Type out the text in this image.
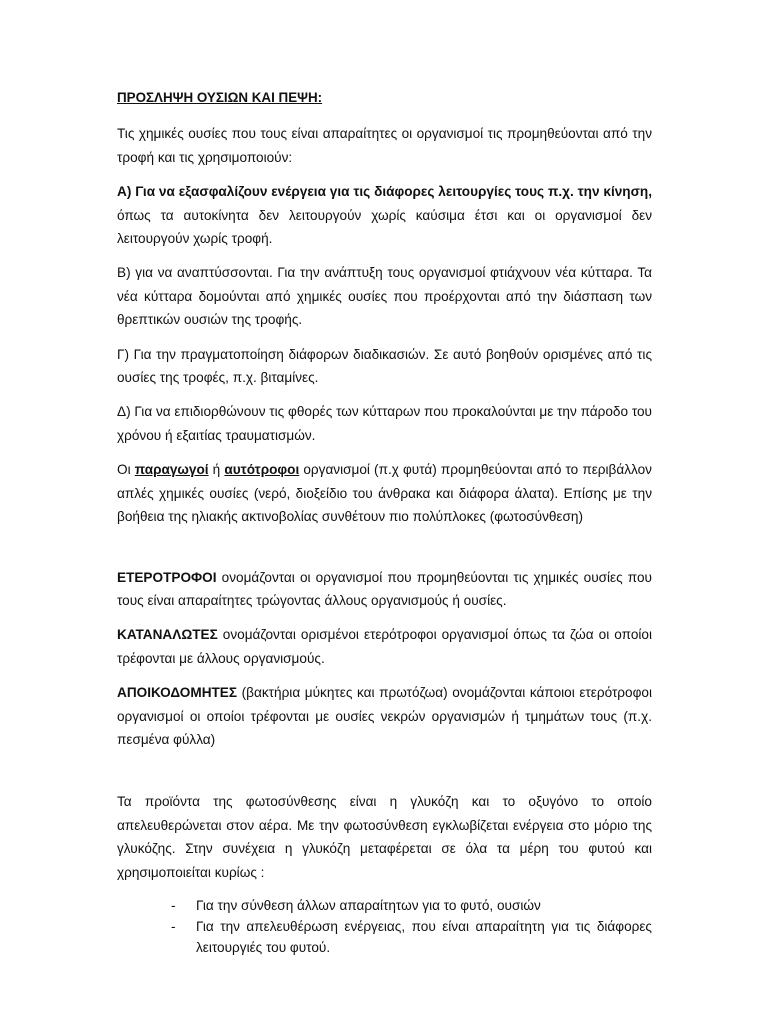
ΠΡΟΣΛΗΨΗ ΟΥΣΙΩΝ ΚΑΙ ΠΕΨΗ:

Τις χημικές ουσίες που τους είναι απαραίτητες οι οργανισμοί τις προμηθεύονται από την τροφή και τις χρησιμοποιούν:

Α) Για να εξασφαλίζουν ενέργεια για τις διάφορες λειτουργίες τους π.χ. την κίνηση, όπως τα αυτοκίνητα δεν λειτουργούν χωρίς καύσιμα έτσι και οι οργανισμοί δεν λειτουργούν χωρίς τροφή.

Β) για να αναπτύσσονται. Για την ανάπτυξη τους οργανισμοί φτιάχνουν νέα κύτταρα. Τα νέα κύτταρα δομούνται από χημικές ουσίες που προέρχονται από την διάσπαση των θρεπτικών ουσιών της τροφής.

Γ) Για την πραγματοποίηση διάφορων διαδικασιών. Σε αυτό βοηθούν ορισμένες από τις ουσίες της τροφές, π.χ. βιταμίνες.

Δ) Για να επιδιορθώνουν τις φθορές των κύτταρων που προκαλούνται με την πάροδο του χρόνου ή εξαιτίας τραυματισμών.

Οι παραγωγοί ή αυτότροφοι οργανισμοί (π.χ φυτά) προμηθεύονται από το περιβάλλον απλές χημικές ουσίες (νερό, διοξείδιο του άνθρακα και διάφορα άλατα). Επίσης με την βοήθεια της ηλιακής ακτινοβολίας συνθέτουν πιο πολύπλοκες (φωτοσύνθεση)

ΕΤΕΡΟΤΡΟΦΟΙ ονομάζονται οι οργανισμοί που προμηθεύονται τις χημικές ουσίες που τους είναι απαραίτητες τρώγοντας άλλους οργανισμούς ή ουσίες.

ΚΑΤΑΝΑΛΩΤΕΣ ονομάζονται ορισμένοι ετερότροφοι οργανισμοί όπως τα ζώα οι οποίοι τρέφονται με άλλους οργανισμούς.

ΑΠΟΙΚΟΔΟΜΗΤΕΣ (βακτήρια μύκητες και πρωτόζωα) ονομάζονται κάποιοι ετερότροφοι οργανισμοί οι οποίοι τρέφονται με ουσίες νεκρών οργανισμών ή τμημάτων τους (π.χ. πεσμένα φύλλα)

Τα προϊόντα της φωτοσύνθεσης είναι η γλυκόζη και το οξυγόνο το οποίο απελευθερώνεται στον αέρα. Με την φωτοσύνθεση εγκλωβίζεται ενέργεια στο μόριο της γλυκόζης. Στην συνέχεια η γλυκόζη μεταφέρεται σε όλα τα μέρη του φυτού και χρησιμοποιείται κυρίως :

- Για την σύνθεση άλλων απαραίτητων για το φυτό, ουσιών
- Για την απελευθέρωση ενέργειας, που είναι απαραίτητη για τις διάφορες λειτουργιές του φυτού.
